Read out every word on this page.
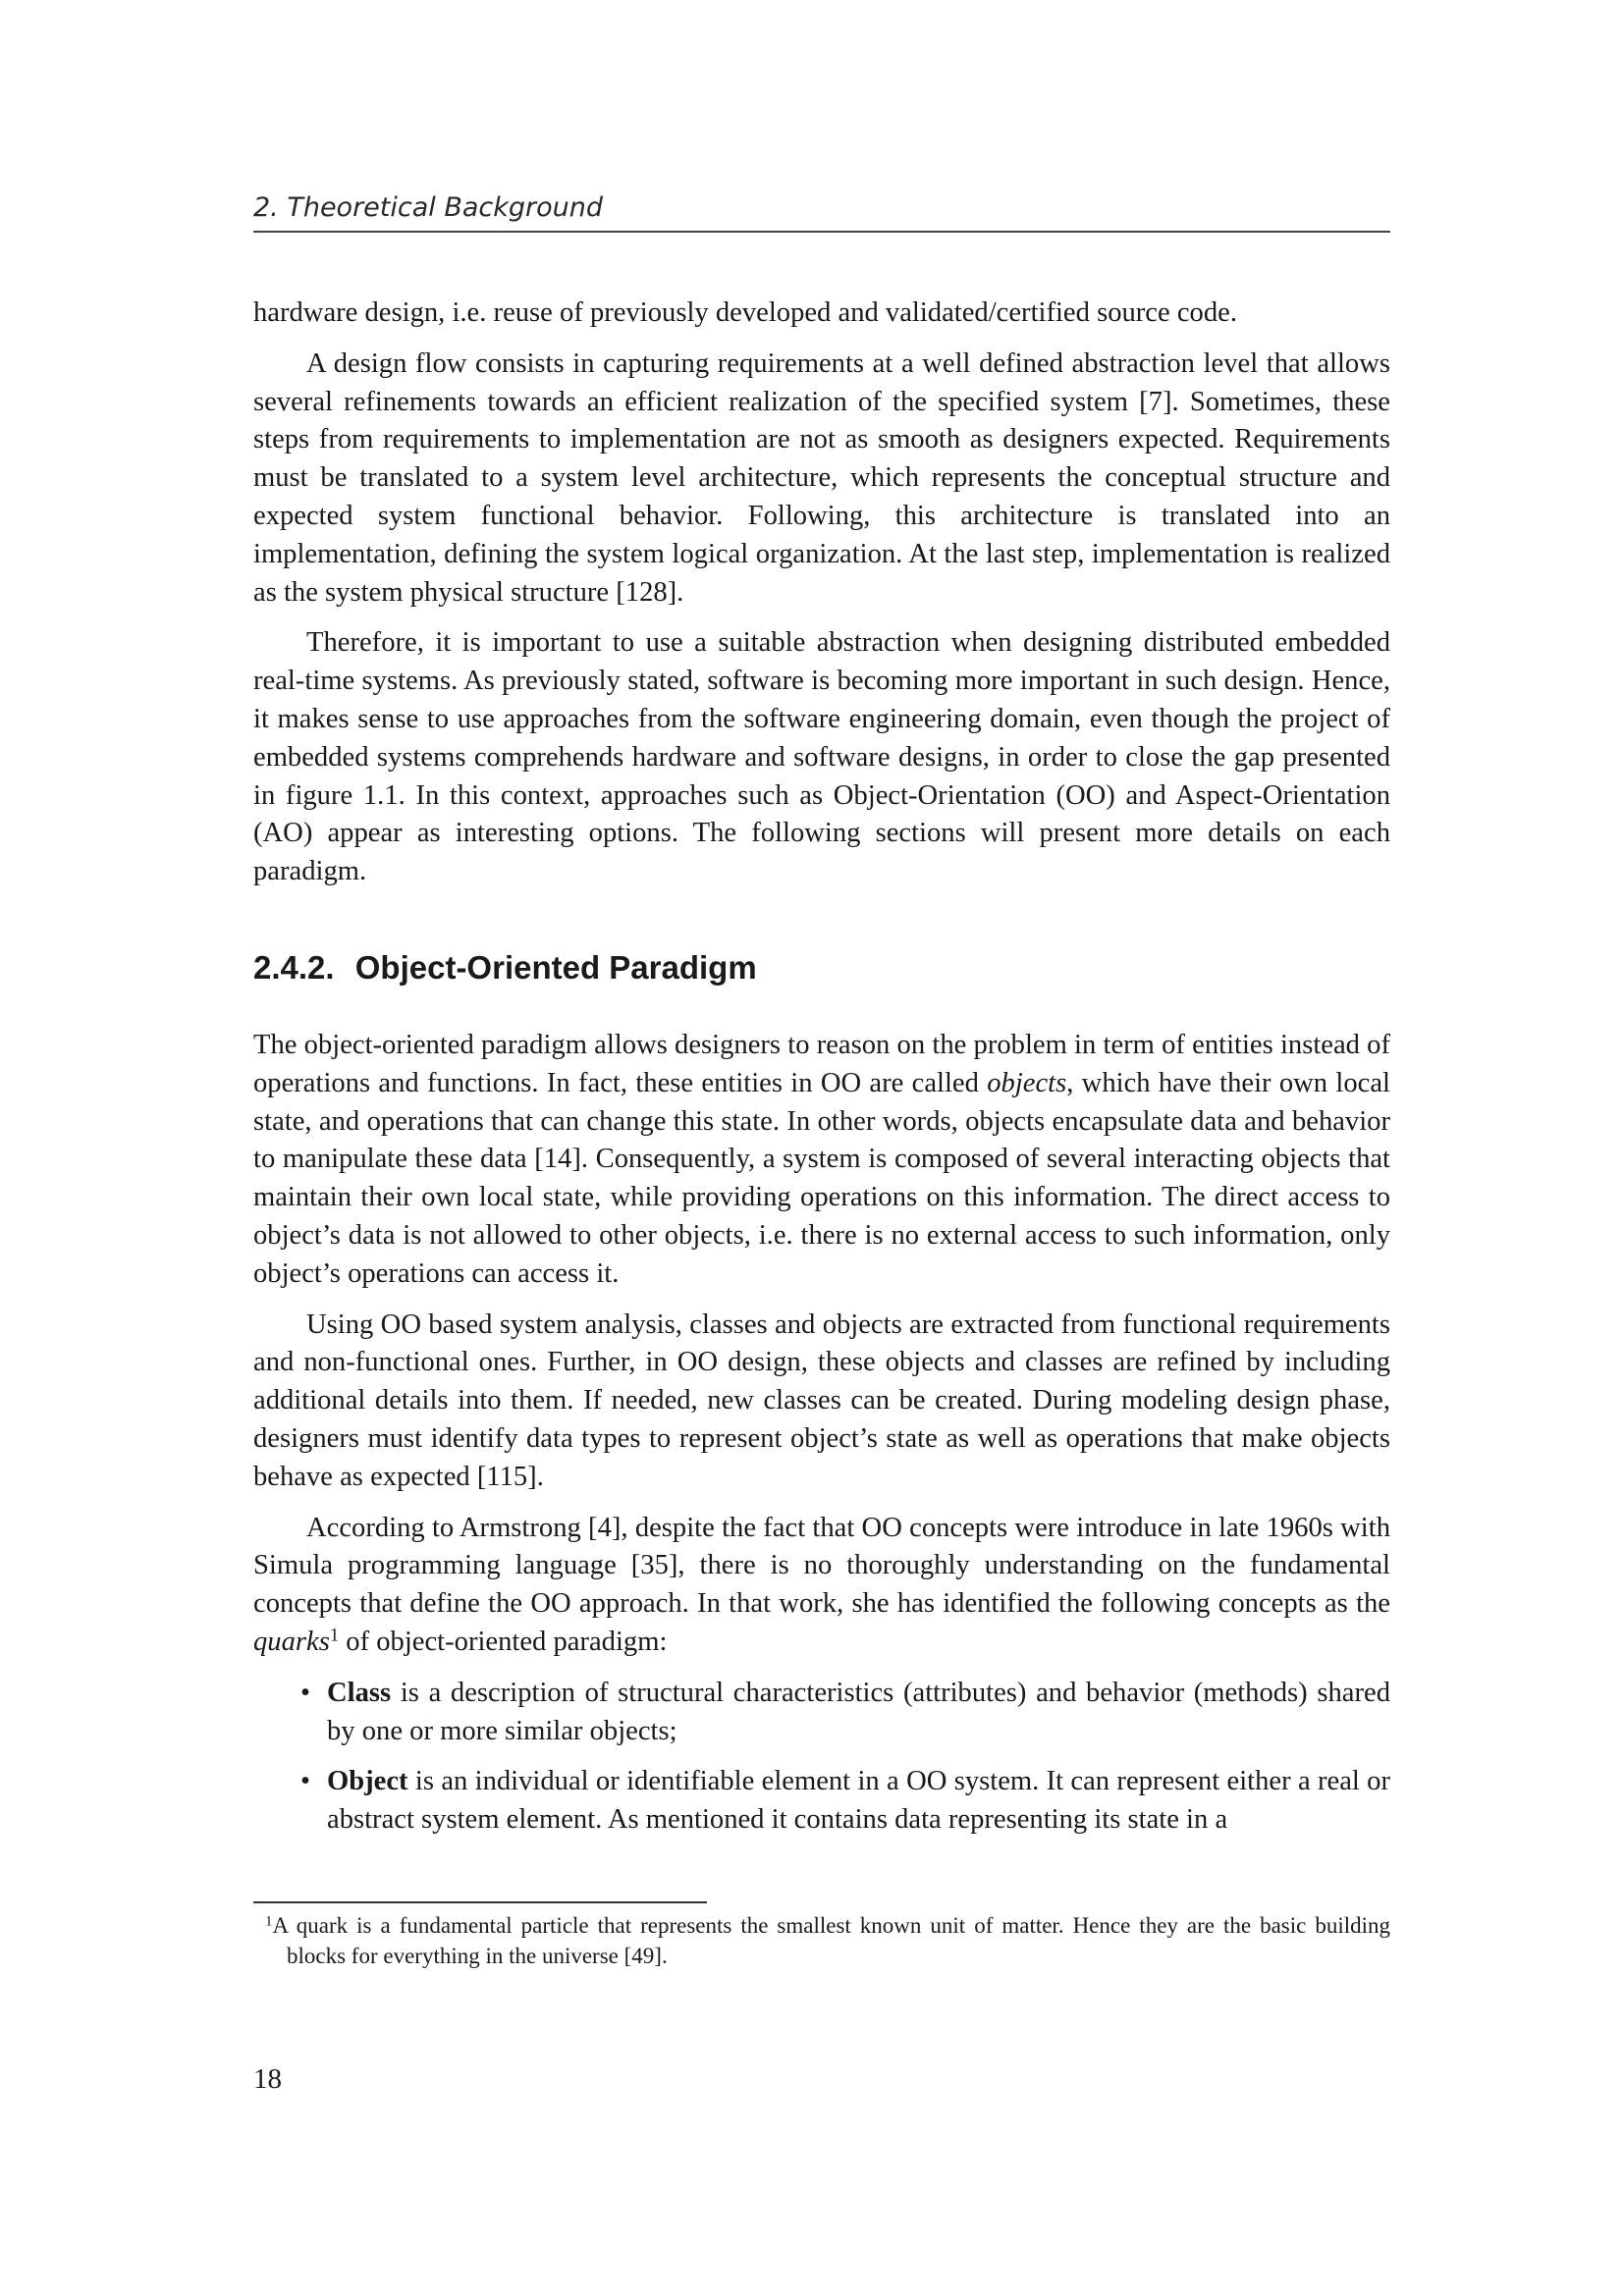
2. Theoretical Background

hardware design, i.e. reuse of previously developed and validated/certified source code.

A design flow consists in capturing requirements at a well defined abstraction level that allows several refinements towards an efficient realization of the specified system [7]. Sometimes, these steps from requirements to implementation are not as smooth as designers expected. Requirements must be translated to a system level architecture, which represents the conceptual structure and expected system functional behavior. Following, this architecture is translated into an implementation, defining the system logical organization. At the last step, implementation is realized as the system physical structure [128].

Therefore, it is important to use a suitable abstraction when designing distributed embedded real-time systems. As previously stated, software is becoming more important in such design. Hence, it makes sense to use approaches from the software engineering domain, even though the project of embedded systems comprehends hardware and software designs, in order to close the gap presented in figure 1.1. In this context, approaches such as Object-Orientation (OO) and Aspect-Orientation (AO) appear as interesting options. The following sections will present more details on each paradigm.

2.4.2. Object-Oriented Paradigm

The object-oriented paradigm allows designers to reason on the problem in term of entities instead of operations and functions. In fact, these entities in OO are called objects, which have their own local state, and operations that can change this state. In other words, objects encapsulate data and behavior to manipulate these data [14]. Consequently, a system is composed of several interacting objects that maintain their own local state, while providing operations on this information. The direct access to object’s data is not allowed to other objects, i.e. there is no external access to such information, only object’s operations can access it.

Using OO based system analysis, classes and objects are extracted from functional requirements and non-functional ones. Further, in OO design, these objects and classes are refined by including additional details into them. If needed, new classes can be created. During modeling design phase, designers must identify data types to represent object’s state as well as operations that make objects behave as expected [115].

According to Armstrong [4], despite the fact that OO concepts were introduce in late 1960s with Simula programming language [35], there is no thoroughly understanding on the fundamental concepts that define the OO approach. In that work, she has identified the following concepts as the quarks$^1$ of object-oriented paradigm:

• Class is a description of structural characteristics (attributes) and behavior (methods) shared by one or more similar objects;
• Object is an individual or identifiable element in a OO system. It can represent either a real or abstract system element. As mentioned it contains data representing its state in a
$^1$A quark is a fundamental particle that represents the smallest known unit of matter. Hence they are the basic building blocks for everything in the universe [49].
18
